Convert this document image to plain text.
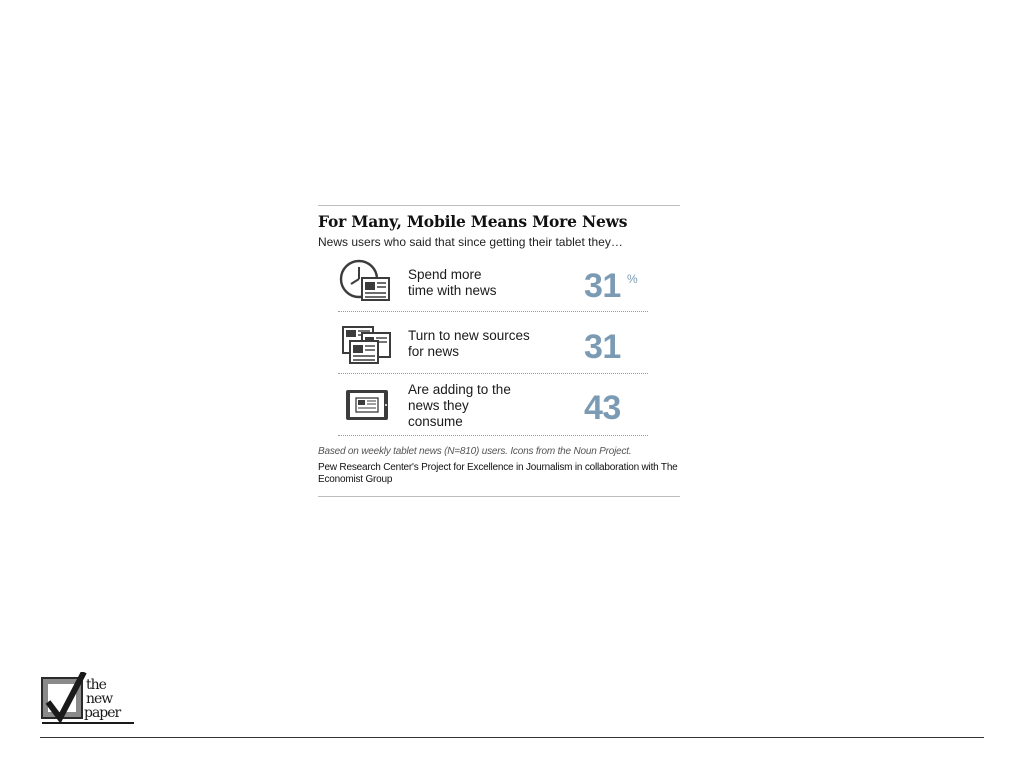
For Many, Mobile Means More News
News users who said that since getting their tablet they…
Spend more
time with news	31 %
Turn to new sources
for news	31
Are adding to the
news they
consume	43
Based on weekly tablet news (N=810) users. Icons from the Noun Project.
Pew Research Center's Project for Excellence in Journalism in collaboration with The Economist Group
the
new
paper
